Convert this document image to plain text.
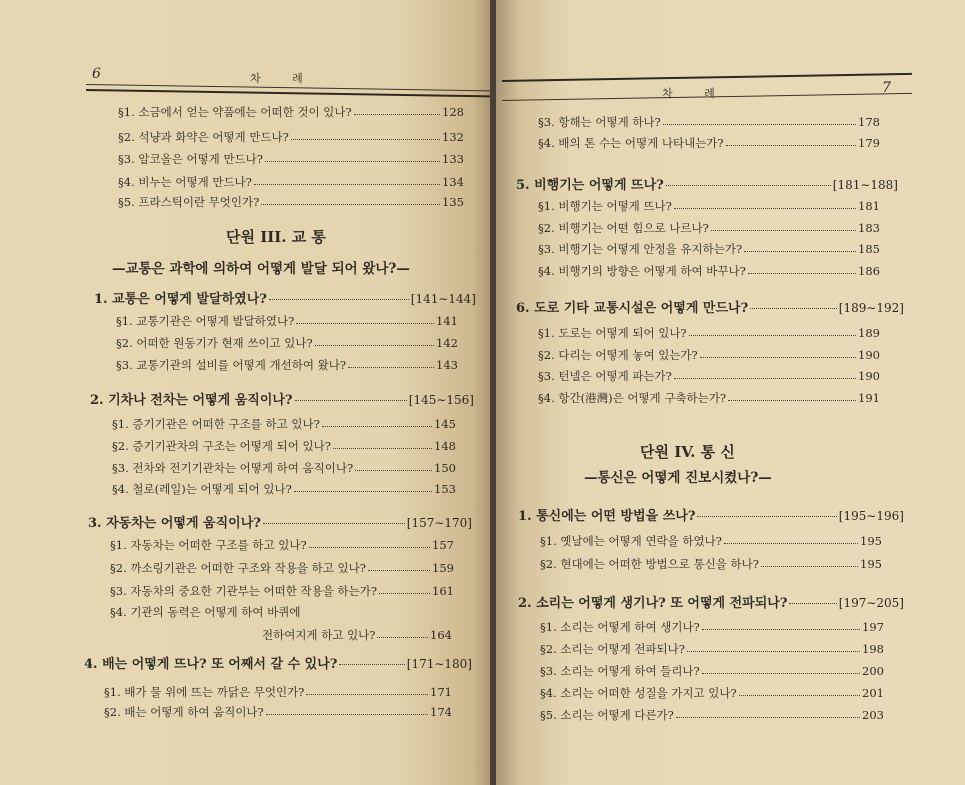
6	차 례
§1. 소금에서 얻는 약품에는 어떠한 것이 있나?	128
§2. 석냥과 화약은 어떻게 만드나?	132
§3. 알코올은 어떻게 만드나?	133
§4. 비누는 어떻게 만드나?	134
§5. 프라스틱이란 무엇인가?	135
단원 III. 교 통
—교통은 과학에 의하여 어떻게 발달 되어 왔나?—
1. 교통은 어떻게 발달하였나?	[141∼144]
§1. 교통기관은 어떻게 발달하였나?	141
§2. 어떠한 원동기가 현재 쓰이고 있나?	142
§3. 교통기관의 설비를 어떻게 개선하여 왔나?	143
2. 기차나 전차는 어떻게 움직이나?	[145∼156]
§1. 증기기관은 어떠한 구조를 하고 있나?	145
§2. 증기기관차의 구조는 어떻게 되어 있나?	148
§3. 전차와 전기기관차는 어떻게 하여 움직이나?	150
§4. 철로(레일)는 어떻게 되어 있나?	153
3. 자동차는 어떻게 움직이나?	[157∼170]
§1. 자동차는 어떠한 구조를 하고 있나?	157
§2. 까소링기관은 어떠한 구조와 작용을 하고 있나?	159
§3. 자동차의 중요한 기관부는 어떠한 작용을 하는가?	161
§4. 기관의 동력은 어떻게 하여 바퀴에
전하여지게 하고 있나?	164
4. 배는 어떻게 뜨나? 또 어째서 갈 수 있나?	[171∼180]
§1. 배가 물 위에 뜨는 까닭은 무엇인가?	171
§2. 배는 어떻게 하여 움직이나?	174
차 례	7
§3. 항해는 어떻게 하나?	178
§4. 배의 톤 수는 어떻게 나타내는가?	179
5. 비행기는 어떻게 뜨나?	[181∼188]
§1. 비행기는 어떻게 뜨나?	181
§2. 비행기는 어떤 힘으로 나르나?	183
§3. 비행기는 어떻게 안정을 유지하는가?	185
§4. 비행기의 방향은 어떻게 하여 바꾸나?	186
6. 도로 기타 교통시설은 어떻게 만드나?	[189∼192]
§1. 도로는 어떻게 되어 있나?	189
§2. 다리는 어떻게 놓여 있는가?	190
§3. 턴넬은 어떻게 파는가?	190
§4. 항간(港灣)은 어떻게 구축하는가?	191
단원 IV. 통 신
—통신은 어떻게 진보시켰나?—
1. 통신에는 어떤 방법을 쓰나?	[195∼196]
§1. 옛날에는 어떻게 연락을 하였나?	195
§2. 현대에는 어떠한 방법으로 통신을 하나?	195
2. 소리는 어떻게 생기나? 또 어떻게 전파되나?	[197∼205]
§1. 소리는 어떻게 하여 생기나?	197
§2. 소리는 어떻게 전파되나?	198
§3. 소리는 어떻게 하여 들리나?	200
§4. 소리는 어떠한 성질을 가지고 있나?	201
§5. 소리는 어떻게 다른가?	203
